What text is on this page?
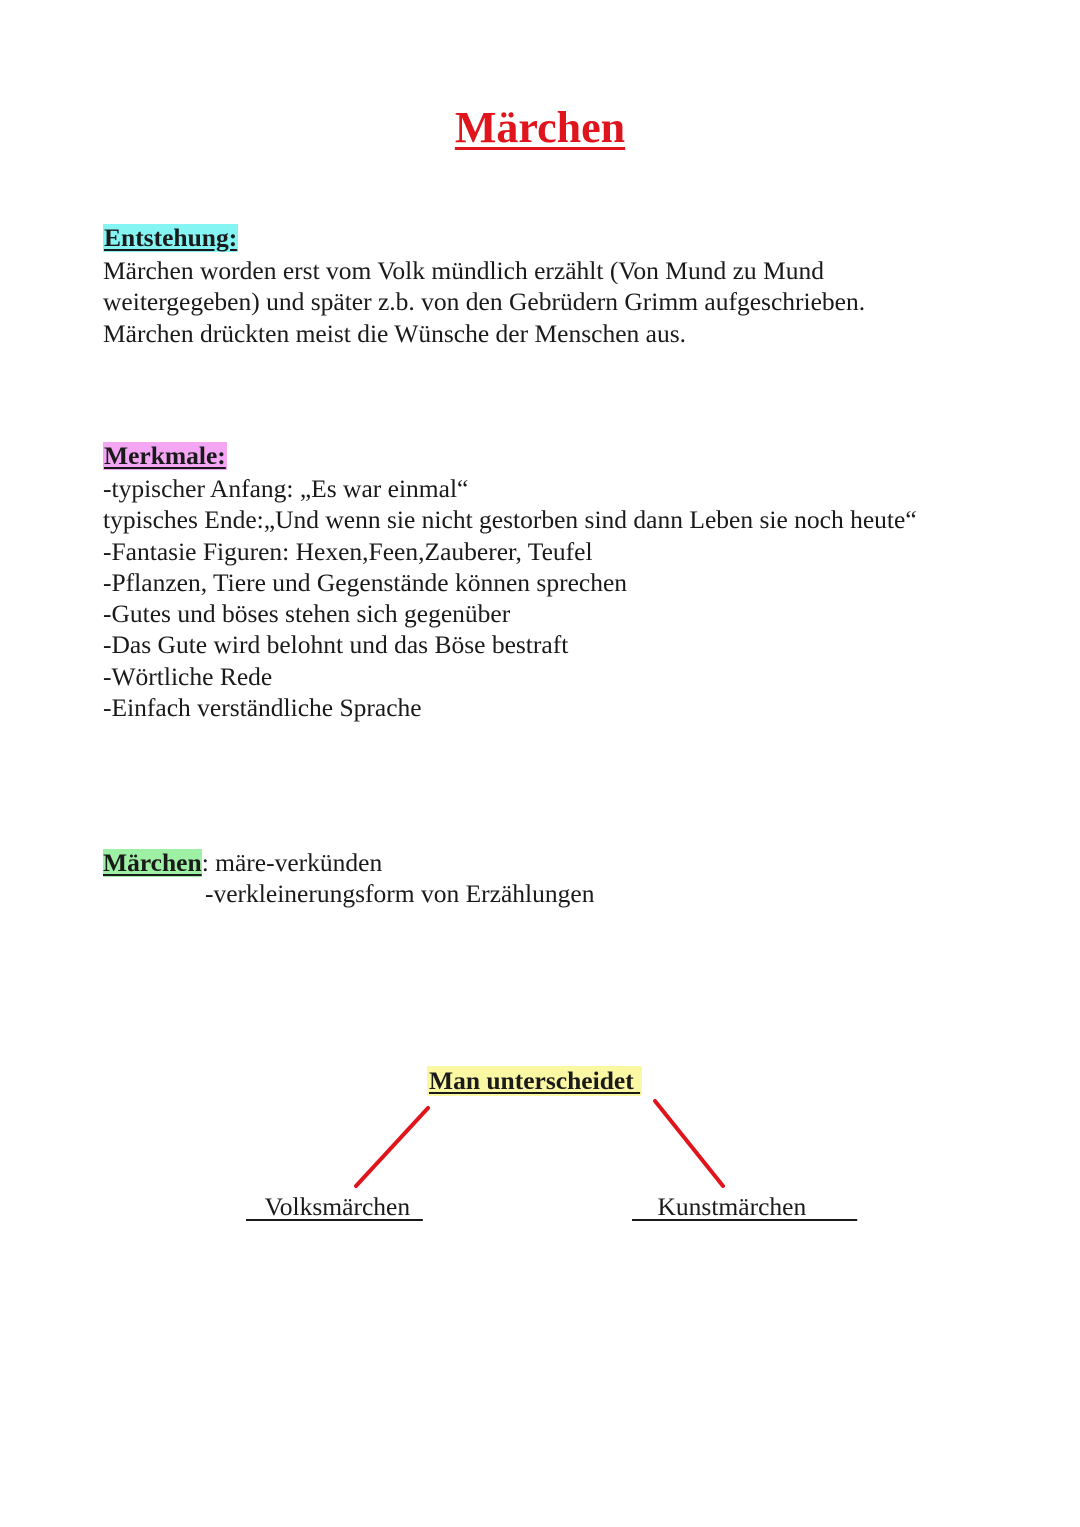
Märchen
Entstehung:
Märchen worden erst vom Volk mündlich erzählt (Von Mund zu Mund
weitergegeben) und später z.b. von den Gebrüdern Grimm aufgeschrieben.
Märchen drückten meist die Wünsche der Menschen aus.
Merkmale:
-typischer Anfang: „Es war einmal“
typisches Ende:„Und wenn sie nicht gestorben sind dann Leben sie noch heute“
-Fantasie Figuren: Hexen,Feen,Zauberer, Teufel
-Pflanzen, Tiere und Gegenstände können sprechen
-Gutes und böses stehen sich gegenüber
-Das Gute wird belohnt und das Böse bestraft
-Wörtliche Rede
-Einfach verständliche Sprache
Märchen: märe-verkünden
-verkleinerungsform von Erzählungen
Man unterscheidet
Volksmärchen	Kunstmärchen
